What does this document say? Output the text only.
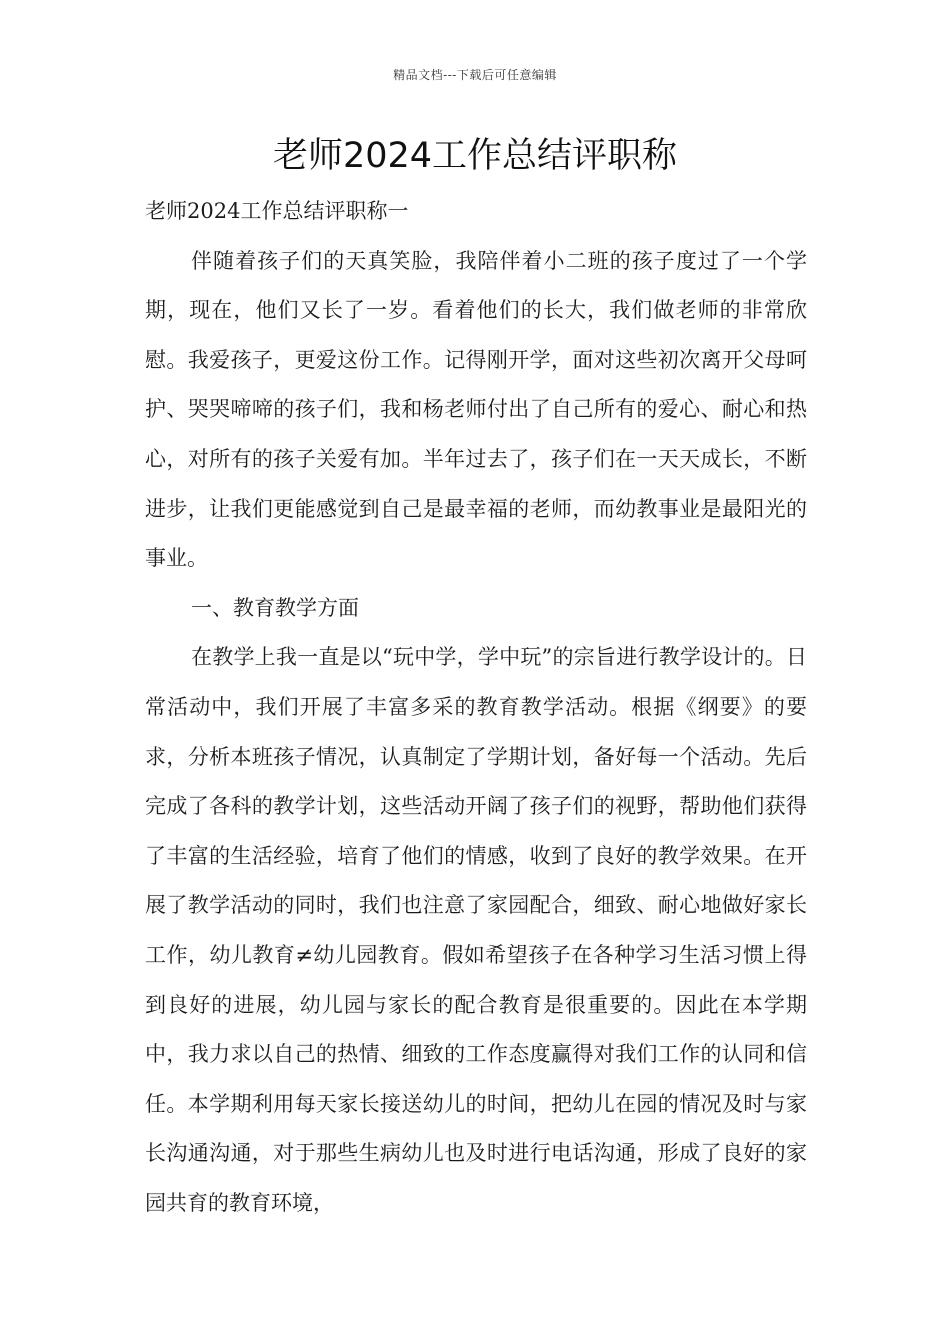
精品文档---下载后可任意编辑
老师2024工作总结评职称

老师2024工作总结评职称一

伴随着孩子们的天真笑脸，我陪伴着小二班的孩子度过了一个学期，现在，他们又长了一岁。看着他们的长大，我们做老师的非常欣慰。我爱孩子，更爱这份工作。记得刚开学，面对这些初次离开父母呵护、哭哭啼啼的孩子们，我和杨老师付出了自己所有的爱心、耐心和热心，对所有的孩子关爱有加。半年过去了，孩子们在一天天成长，不断进步，让我们更能感觉到自己是最幸福的老师，而幼教事业是最阳光的事业。

一、教育教学方面

在教学上我一直是以“玩中学，学中玩”的宗旨进行教学设计的。日常活动中，我们开展了丰富多采的教育教学活动。根据《纲要》的要求，分析本班孩子情况，认真制定了学期计划，备好每一个活动。先后完成了各科的教学计划，这些活动开阔了孩子们的视野，帮助他们获得了丰富的生活经验，培育了他们的情感，收到了良好的教学效果。在开展了教学活动的同时，我们也注意了家园配合，细致、耐心地做好家长工作，幼儿教育≠幼儿园教育。假如希望孩子在各种学习生活习惯上得到良好的进展，幼儿园与家长的配合教育是很重要的。因此在本学期中，我力求以自己的热情、细致的工作态度赢得对我们工作的认同和信任。本学期利用每天家长接送幼儿的时间，把幼儿在园的情况及时与家长沟通沟通，对于那些生病幼儿也及时进行电话沟通，形成了良好的家园共育的教育环境，
